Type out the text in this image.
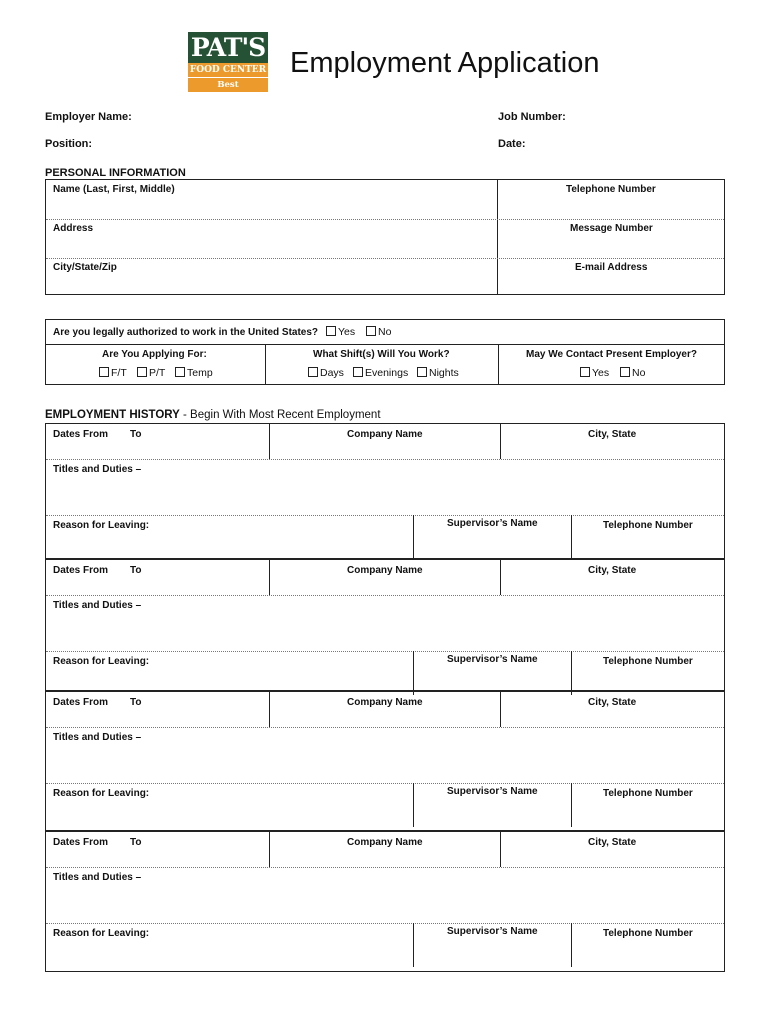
PAT'S
FOOD CENTER
Best HARDWARE
Employment Application
Employer Name:	Job Number:
Position:	Date:
PERSONAL INFORMATION
Name (Last, First, Middle)	Telephone Number
Address	Message Number
City/State/Zip	E-mail Address
Are you legally authorized to work in the United States?	Yes	No
Are You Applying For:	What Shift(s) Will You Work?	May We Contact Present Employer?
F/T	P/T	Temp	Days	Evenings	Nights	Yes	No
EMPLOYMENT HISTORY - Begin With Most Recent Employment
Dates From To	Company Name	City, State
Titles and Duties –
Reason for Leaving:	Supervisor’s Name	Telephone Number
Dates From To	Company Name	City, State
Titles and Duties –
Reason for Leaving:	Supervisor’s Name	Telephone Number
Dates From To	Company Name	City, State
Titles and Duties –
Reason for Leaving:	Supervisor’s Name	Telephone Number
Dates From To	Company Name	City, State
Titles and Duties –
Reason for Leaving:	Supervisor’s Name	Telephone Number
